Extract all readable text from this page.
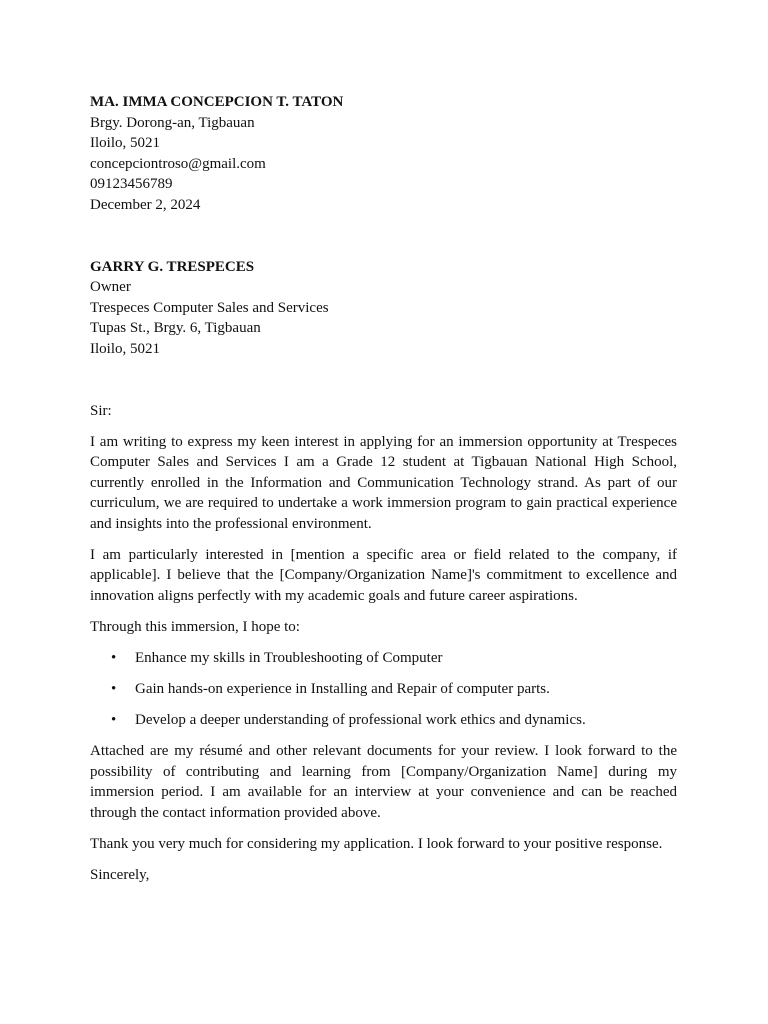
MA. IMMA CONCEPCION T. TATON
Brgy. Dorong-an, Tigbauan
Iloilo, 5021
concepciontroso@gmail.com
09123456789
December 2, 2024
GARRY G. TRESPECES
Owner
Trespeces Computer Sales and Services
Tupas St., Brgy. 6, Tigbauan
Iloilo, 5021

Sir:

I am writing to express my keen interest in applying for an immersion opportunity at Trespeces Computer Sales and Services I am a Grade 12 student at Tigbauan National High School, currently enrolled in the Information and Communication Technology strand. As part of our curriculum, we are required to undertake a work immersion program to gain practical experience and insights into the professional environment.

I am particularly interested in [mention a specific area or field related to the company, if applicable]. I believe that the [Company/Organization Name]'s commitment to excellence and innovation aligns perfectly with my academic goals and future career aspirations.

Through this immersion, I hope to:

• Enhance my skills in Troubleshooting of Computer
• Gain hands-on experience in Installing and Repair of computer parts.
• Develop a deeper understanding of professional work ethics and dynamics.

Attached are my résumé and other relevant documents for your review. I look forward to the possibility of contributing and learning from [Company/Organization Name] during my immersion period. I am available for an interview at your convenience and can be reached through the contact information provided above.

Thank you very much for considering my application. I look forward to your positive response.

Sincerely,
